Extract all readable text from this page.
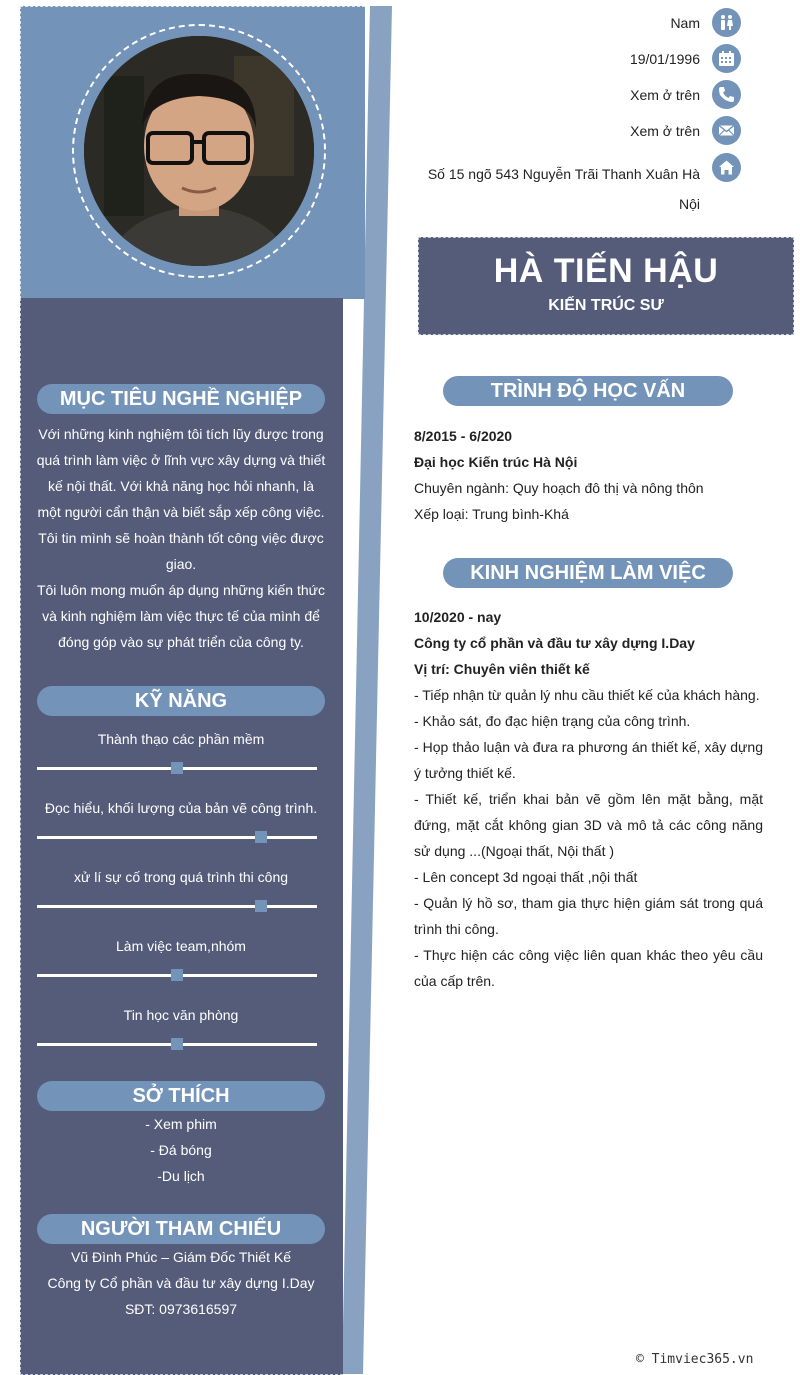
MỤC TIÊU NGHỀ NGHIỆP
Với những kinh nghiệm tôi tích lũy được trong
quá trình làm việc ở lĩnh vực xây dựng và thiết
kế nội thất. Với khả năng học hỏi nhanh, là
một người cẩn thận và biết sắp xếp công việc.
Tôi tin mình sẽ hoàn thành tốt công việc được
giao.
Tôi luôn mong muốn áp dụng những kiến thức
và kinh nghiệm làm việc thực tế của mình để
đóng góp vào sự phát triển của công ty.
KỸ NĂNG
Thành thạo các phần mềm
Đọc hiểu, khối lượng của bản vẽ công trình.
xử lí sự cố trong quá trình thi công
Làm việc team,nhóm
Tin học văn phòng
SỞ THÍCH
- Xem phim
- Đá bóng
-Du lịch
NGƯỜI THAM CHIẾU
Vũ Đình Phúc – Giám Đốc Thiết Kế
Công ty Cổ phần và đầu tư xây dựng I.Day
SĐT: 0973616597
Nam
19/01/1996
Xem ở trên
Xem ở trên
Số 15 ngõ 543 Nguyễn Trãi Thanh Xuân Hà
Nội
HÀ TIẾN HẬU
KIẾN TRÚC SƯ
TRÌNH ĐỘ HỌC VẤN
8/2015 - 6/2020
Đại học Kiến trúc Hà Nội
Chuyên ngành: Quy hoạch đô thị và nông thôn
Xếp loại: Trung bình-Khá
KINH NGHIỆM LÀM VIỆC
10/2020 - nay
Công ty cổ phần và đầu tư xây dựng I.Day
Vị trí: Chuyên viên thiết kế
- Tiếp nhận từ quản lý nhu cầu thiết kế của khách hàng.
- Khảo sát, đo đạc hiện trạng của công trình.
- Họp thảo luận và đưa ra phương án thiết kế, xây dựng ý tưởng thiết kế.
- Thiết kế, triển khai bản vẽ gồm lên mặt bằng, mặt đứng, mặt cắt không gian 3D và mô tả các công năng sử dụng ...(Ngoại thất, Nội thất )
- Lên concept 3d ngoại thất ,nội thất
- Quản lý hồ sơ, tham gia thực hiện giám sát trong quá trình thi công.
- Thực hiện các công việc liên quan khác theo yêu cầu của cấp trên.
© Timviec365.vn
